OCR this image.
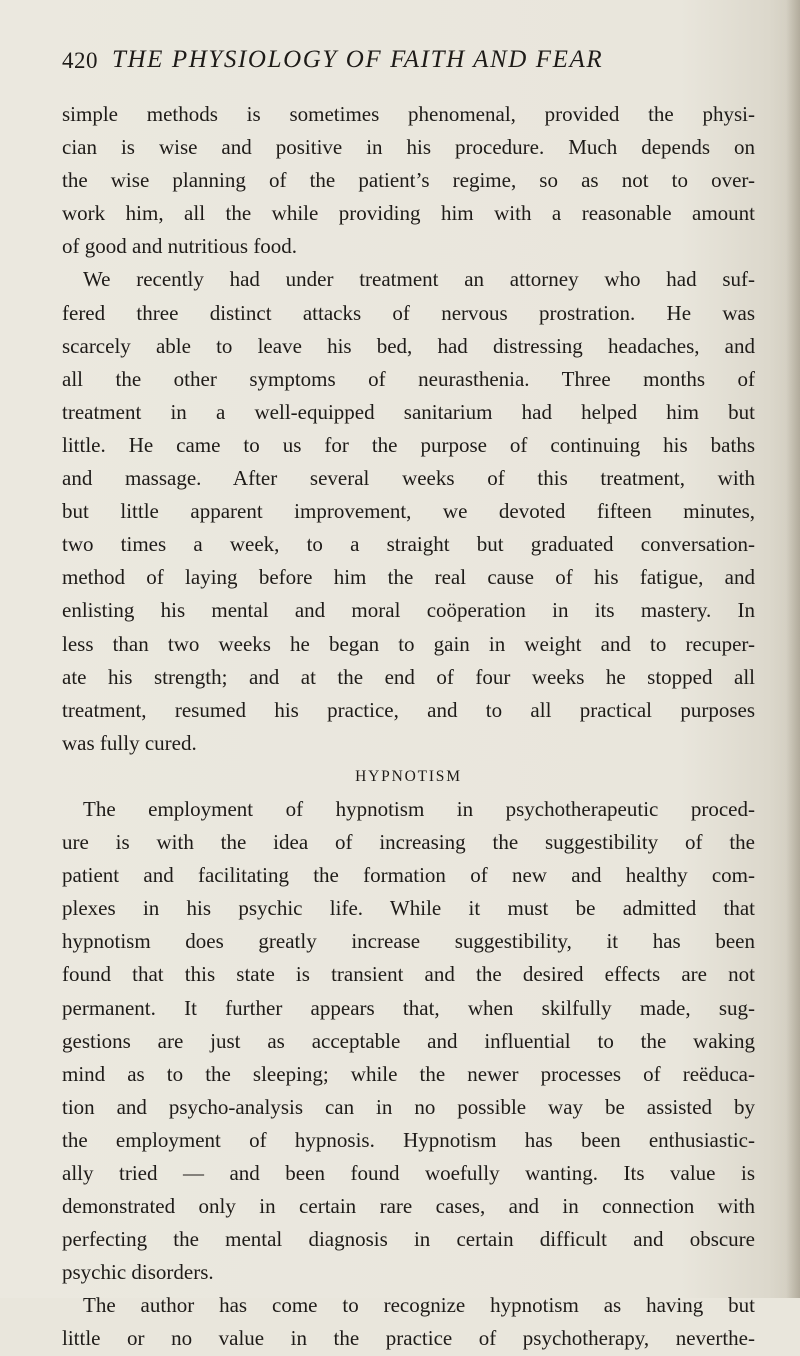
420 THE PHYSIOLOGY OF FAITH AND FEAR
simple methods is sometimes phenomenal, provided the physi-
cian is wise and positive in his procedure. Much depends on
the wise planning of the patient’s regime, so as not to over-
work him, all the while providing him with a reasonable amount
of good and nutritious food.
We recently had under treatment an attorney who had suf-
fered three distinct attacks of nervous prostration. He was
scarcely able to leave his bed, had distressing headaches, and
all the other symptoms of neurasthenia. Three months of
treatment in a well-equipped sanitarium had helped him but
little. He came to us for the purpose of continuing his baths
and massage. After several weeks of this treatment, with
but little apparent improvement, we devoted fifteen minutes,
two times a week, to a straight but graduated conversation-
method of laying before him the real cause of his fatigue, and
enlisting his mental and moral coöperation in its mastery. In
less than two weeks he began to gain in weight and to recuper-
ate his strength; and at the end of four weeks he stopped all
treatment, resumed his practice, and to all practical purposes
was fully cured.
HYPNOTISM
The employment of hypnotism in psychotherapeutic proced-
ure is with the idea of increasing the suggestibility of the
patient and facilitating the formation of new and healthy com-
plexes in his psychic life. While it must be admitted that
hypnotism does greatly increase suggestibility, it has been
found that this state is transient and the desired effects are not
permanent. It further appears that, when skilfully made, sug-
gestions are just as acceptable and influential to the waking
mind as to the sleeping; while the newer processes of reëduca-
tion and psycho-analysis can in no possible way be assisted by
the employment of hypnosis. Hypnotism has been enthusiastic-
ally tried — and been found woefully wanting. Its value is
demonstrated only in certain rare cases, and in connection with
perfecting the mental diagnosis in certain difficult and obscure
psychic disorders.
The author has come to recognize hypnotism as having but
little or no value in the practice of psychotherapy, neverthe-
